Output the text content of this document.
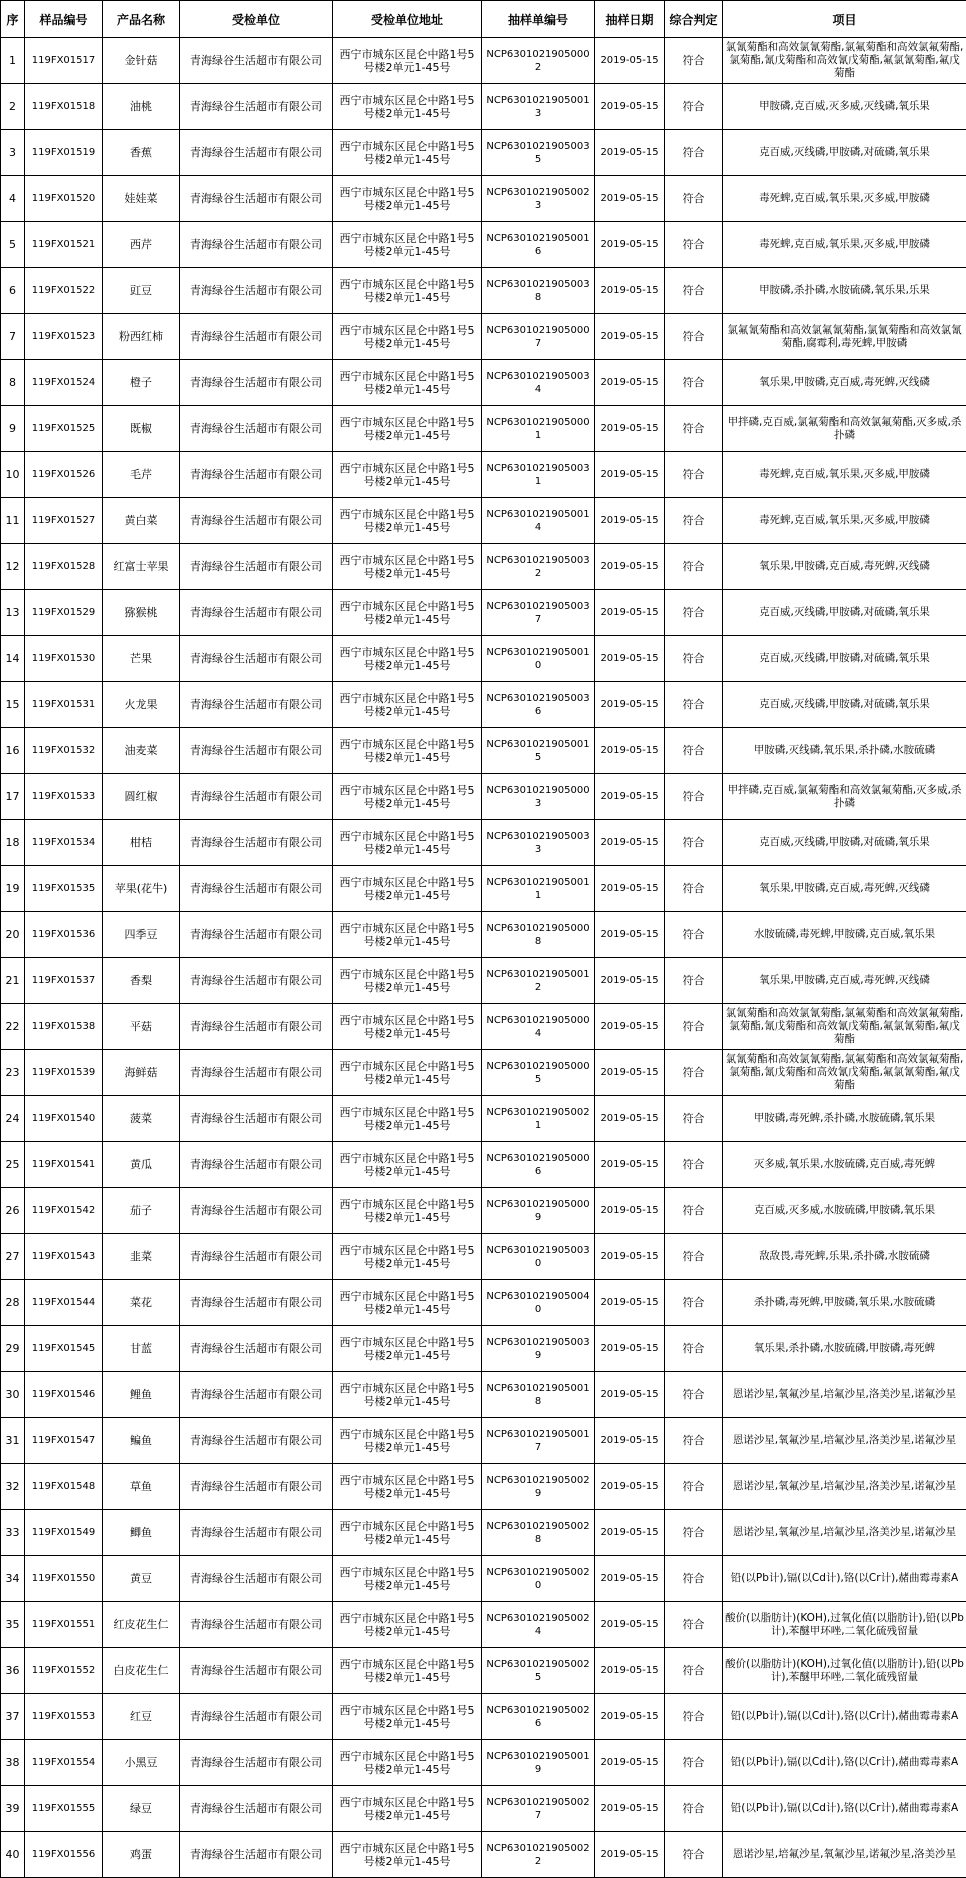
序	样品编号	产品名称	受检单位	受检单位地址	抽样单编号	抽样日期	综合判定	项目
1	119FX01517	金针菇	青海绿谷生活超市有限公司	西宁市城东区昆仑中路1号5号楼2单元1-45号	NCP63010219050002	2019-05-15	符合	氯氰菊酯和高效氯氰菊酯,氯氟菊酯和高效氯氟菊酯,氯菊酯,氰戊菊酯和高效氰戊菊酯,氟氯氰菊酯,氟戊菊酯
2	119FX01518	油桃	青海绿谷生活超市有限公司	西宁市城东区昆仑中路1号5号楼2单元1-45号	NCP63010219050013	2019-05-15	符合	甲胺磷,克百威,灭多威,灭线磷,氧乐果
3	119FX01519	香蕉	青海绿谷生活超市有限公司	西宁市城东区昆仑中路1号5号楼2单元1-45号	NCP63010219050035	2019-05-15	符合	克百威,灭线磷,甲胺磷,对硫磷,氧乐果
4	119FX01520	娃娃菜	青海绿谷生活超市有限公司	西宁市城东区昆仑中路1号5号楼2单元1-45号	NCP63010219050023	2019-05-15	符合	毒死蜱,克百威,氧乐果,灭多威,甲胺磷
5	119FX01521	西芹	青海绿谷生活超市有限公司	西宁市城东区昆仑中路1号5号楼2单元1-45号	NCP63010219050016	2019-05-15	符合	毒死蜱,克百威,氧乐果,灭多威,甲胺磷
6	119FX01522	豇豆	青海绿谷生活超市有限公司	西宁市城东区昆仑中路1号5号楼2单元1-45号	NCP63010219050038	2019-05-15	符合	甲胺磷,杀扑磷,水胺硫磷,氧乐果,乐果
7	119FX01523	粉西红柿	青海绿谷生活超市有限公司	西宁市城东区昆仑中路1号5号楼2单元1-45号	NCP63010219050007	2019-05-15	符合	氯氟氰菊酯和高效氯氟氰菊酯,氯氰菊酯和高效氯氰菊酯,腐霉利,毒死蜱,甲胺磷
8	119FX01524	橙子	青海绿谷生活超市有限公司	西宁市城东区昆仑中路1号5号楼2单元1-45号	NCP63010219050034	2019-05-15	符合	氧乐果,甲胺磷,克百威,毒死蜱,灭线磷
9	119FX01525	既椒	青海绿谷生活超市有限公司	西宁市城东区昆仑中路1号5号楼2单元1-45号	NCP63010219050001	2019-05-15	符合	甲拌磷,克百威,氯氟菊酯和高效氯氟菊酯,灭多威,杀扑磷
10	119FX01526	毛芹	青海绿谷生活超市有限公司	西宁市城东区昆仑中路1号5号楼2单元1-45号	NCP63010219050031	2019-05-15	符合	毒死蜱,克百威,氧乐果,灭多威,甲胺磷
11	119FX01527	黄白菜	青海绿谷生活超市有限公司	西宁市城东区昆仑中路1号5号楼2单元1-45号	NCP63010219050014	2019-05-15	符合	毒死蜱,克百威,氧乐果,灭多威,甲胺磷
12	119FX01528	红富士苹果	青海绿谷生活超市有限公司	西宁市城东区昆仑中路1号5号楼2单元1-45号	NCP63010219050032	2019-05-15	符合	氧乐果,甲胺磷,克百威,毒死蜱,灭线磷
13	119FX01529	猕猴桃	青海绿谷生活超市有限公司	西宁市城东区昆仑中路1号5号楼2单元1-45号	NCP63010219050037	2019-05-15	符合	克百威,灭线磷,甲胺磷,对硫磷,氧乐果
14	119FX01530	芒果	青海绿谷生活超市有限公司	西宁市城东区昆仑中路1号5号楼2单元1-45号	NCP63010219050010	2019-05-15	符合	克百威,灭线磷,甲胺磷,对硫磷,氧乐果
15	119FX01531	火龙果	青海绿谷生活超市有限公司	西宁市城东区昆仑中路1号5号楼2单元1-45号	NCP63010219050036	2019-05-15	符合	克百威,灭线磷,甲胺磷,对硫磷,氧乐果
16	119FX01532	油麦菜	青海绿谷生活超市有限公司	西宁市城东区昆仑中路1号5号楼2单元1-45号	NCP63010219050015	2019-05-15	符合	甲胺磷,灭线磷,氧乐果,杀扑磷,水胺硫磷
17	119FX01533	圆红椒	青海绿谷生活超市有限公司	西宁市城东区昆仑中路1号5号楼2单元1-45号	NCP63010219050003	2019-05-15	符合	甲拌磷,克百威,氯氟菊酯和高效氯氟菊酯,灭多威,杀扑磷
18	119FX01534	柑桔	青海绿谷生活超市有限公司	西宁市城东区昆仑中路1号5号楼2单元1-45号	NCP63010219050033	2019-05-15	符合	克百威,灭线磷,甲胺磷,对硫磷,氧乐果
19	119FX01535	苹果(花牛)	青海绿谷生活超市有限公司	西宁市城东区昆仑中路1号5号楼2单元1-45号	NCP63010219050011	2019-05-15	符合	氧乐果,甲胺磷,克百威,毒死蜱,灭线磷
20	119FX01536	四季豆	青海绿谷生活超市有限公司	西宁市城东区昆仑中路1号5号楼2单元1-45号	NCP63010219050008	2019-05-15	符合	水胺硫磷,毒死蜱,甲胺磷,克百威,氧乐果
21	119FX01537	香梨	青海绿谷生活超市有限公司	西宁市城东区昆仑中路1号5号楼2单元1-45号	NCP63010219050012	2019-05-15	符合	氧乐果,甲胺磷,克百威,毒死蜱,灭线磷
22	119FX01538	平菇	青海绿谷生活超市有限公司	西宁市城东区昆仑中路1号5号楼2单元1-45号	NCP63010219050004	2019-05-15	符合	氯氰菊酯和高效氯氰菊酯,氯氟菊酯和高效氯氟菊酯,氯菊酯,氰戊菊酯和高效氰戊菊酯,氟氯氰菊酯,氟戊菊酯
23	119FX01539	海鲜菇	青海绿谷生活超市有限公司	西宁市城东区昆仑中路1号5号楼2单元1-45号	NCP63010219050005	2019-05-15	符合	氯氰菊酯和高效氯氰菊酯,氯氟菊酯和高效氯氟菊酯,氯菊酯,氰戊菊酯和高效氰戊菊酯,氟氯氰菊酯,氟戊菊酯
24	119FX01540	菠菜	青海绿谷生活超市有限公司	西宁市城东区昆仑中路1号5号楼2单元1-45号	NCP63010219050021	2019-05-15	符合	甲胺磷,毒死蜱,杀扑磷,水胺硫磷,氧乐果
25	119FX01541	黄瓜	青海绿谷生活超市有限公司	西宁市城东区昆仑中路1号5号楼2单元1-45号	NCP63010219050006	2019-05-15	符合	灭多威,氧乐果,水胺硫磷,克百威,毒死蜱
26	119FX01542	茄子	青海绿谷生活超市有限公司	西宁市城东区昆仑中路1号5号楼2单元1-45号	NCP63010219050009	2019-05-15	符合	克百威,灭多威,水胺硫磷,甲胺磷,氧乐果
27	119FX01543	韭菜	青海绿谷生活超市有限公司	西宁市城东区昆仑中路1号5号楼2单元1-45号	NCP63010219050030	2019-05-15	符合	敌敌畏,毒死蜱,乐果,杀扑磷,水胺硫磷
28	119FX01544	菜花	青海绿谷生活超市有限公司	西宁市城东区昆仑中路1号5号楼2单元1-45号	NCP63010219050040	2019-05-15	符合	杀扑磷,毒死蜱,甲胺磷,氧乐果,水胺硫磷
29	119FX01545	甘蓝	青海绿谷生活超市有限公司	西宁市城东区昆仑中路1号5号楼2单元1-45号	NCP63010219050039	2019-05-15	符合	氧乐果,杀扑磷,水胺硫磷,甲胺磷,毒死蜱
30	119FX01546	鲤鱼	青海绿谷生活超市有限公司	西宁市城东区昆仑中路1号5号楼2单元1-45号	NCP63010219050018	2019-05-15	符合	恩诺沙星,氧氟沙星,培氟沙星,洛美沙星,诺氟沙星
31	119FX01547	鳊鱼	青海绿谷生活超市有限公司	西宁市城东区昆仑中路1号5号楼2单元1-45号	NCP63010219050017	2019-05-15	符合	恩诺沙星,氧氟沙星,培氟沙星,洛美沙星,诺氟沙星
32	119FX01548	草鱼	青海绿谷生活超市有限公司	西宁市城东区昆仑中路1号5号楼2单元1-45号	NCP63010219050029	2019-05-15	符合	恩诺沙星,氧氟沙星,培氟沙星,洛美沙星,诺氟沙星
33	119FX01549	鲫鱼	青海绿谷生活超市有限公司	西宁市城东区昆仑中路1号5号楼2单元1-45号	NCP63010219050028	2019-05-15	符合	恩诺沙星,氧氟沙星,培氟沙星,洛美沙星,诺氟沙星
34	119FX01550	黄豆	青海绿谷生活超市有限公司	西宁市城东区昆仑中路1号5号楼2单元1-45号	NCP63010219050020	2019-05-15	符合	铅(以Pb计),镉(以Cd计),铬(以Cr计),赭曲霉毒素A
35	119FX01551	红皮花生仁	青海绿谷生活超市有限公司	西宁市城东区昆仑中路1号5号楼2单元1-45号	NCP63010219050024	2019-05-15	符合	酸价(以脂肪计)(KOH),过氧化值(以脂肪计),铅(以Pb计),苯醚甲环唑,二氧化硫残留量
36	119FX01552	白皮花生仁	青海绿谷生活超市有限公司	西宁市城东区昆仑中路1号5号楼2单元1-45号	NCP63010219050025	2019-05-15	符合	酸价(以脂肪计)(KOH),过氧化值(以脂肪计),铅(以Pb计),苯醚甲环唑,二氧化硫残留量
37	119FX01553	红豆	青海绿谷生活超市有限公司	西宁市城东区昆仑中路1号5号楼2单元1-45号	NCP63010219050026	2019-05-15	符合	铅(以Pb计),镉(以Cd计),铬(以Cr计),赭曲霉毒素A
38	119FX01554	小黑豆	青海绿谷生活超市有限公司	西宁市城东区昆仑中路1号5号楼2单元1-45号	NCP63010219050019	2019-05-15	符合	铅(以Pb计),镉(以Cd计),铬(以Cr计),赭曲霉毒素A
39	119FX01555	绿豆	青海绿谷生活超市有限公司	西宁市城东区昆仑中路1号5号楼2单元1-45号	NCP63010219050027	2019-05-15	符合	铅(以Pb计),镉(以Cd计),铬(以Cr计),赭曲霉毒素A
40	119FX01556	鸡蛋	青海绿谷生活超市有限公司	西宁市城东区昆仑中路1号5号楼2单元1-45号	NCP63010219050022	2019-05-15	符合	恩诺沙星,培氟沙星,氧氟沙星,诺氟沙星,洛美沙星
